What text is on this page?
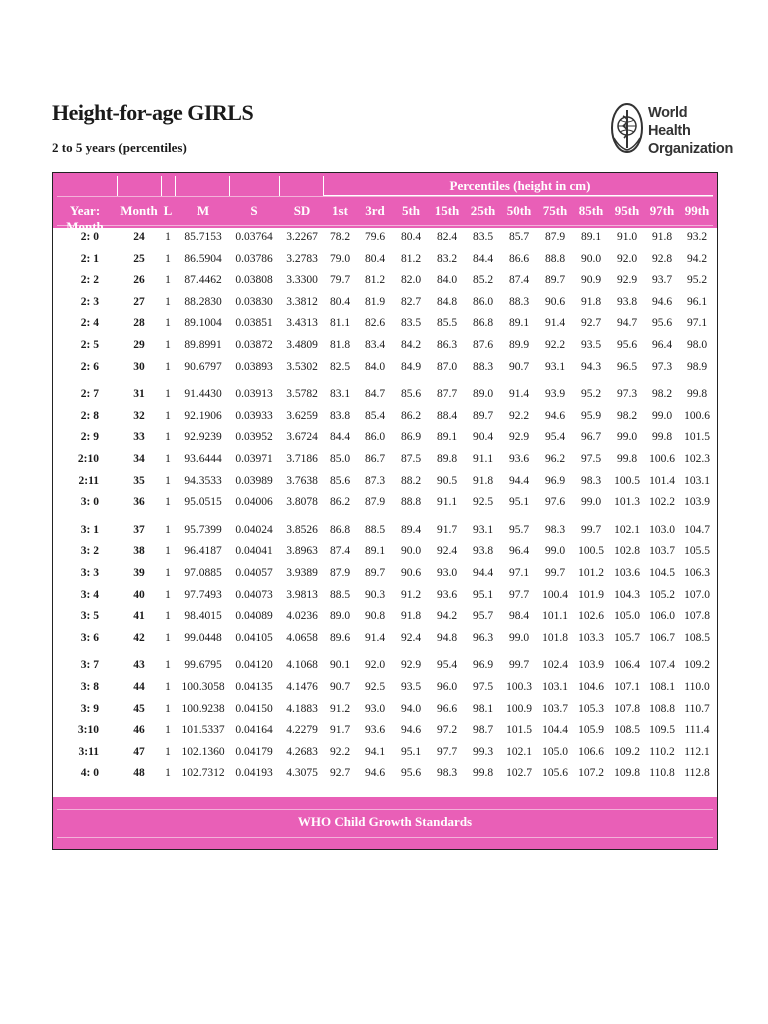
Height-for-age GIRLS
2 to 5 years (percentiles)
World Health
Organization
Percentiles (height in cm)
Year: Month
Month L	M	S	SD	1st	3rd	5th	15th 25th 50th 75th 85th 95th 97th 99th
2: 0	24	1	85.7153	0.03764	3.2267	78.2	79.6	80.4	82.4	83.5	85.7	87.9	89.1	91.0	91.8	93.2
2: 1	25	1	86.5904	0.03786	3.2783	79.0	80.4	81.2	83.2	84.4	86.6	88.8	90.0	92.0	92.8	94.2
2: 2	26	1	87.4462	0.03808	3.3300	79.7	81.2	82.0	84.0	85.2	87.4	89.7	90.9	92.9	93.7	95.2
2: 3	27	1	88.2830	0.03830	3.3812	80.4	81.9	82.7	84.8	86.0	88.3	90.6	91.8	93.8	94.6	96.1
2: 4	28	1	89.1004	0.03851	3.4313	81.1	82.6	83.5	85.5	86.8	89.1	91.4	92.7	94.7	95.6	97.1
2: 5	29	1	89.8991	0.03872	3.4809	81.8	83.4	84.2	86.3	87.6	89.9	92.2	93.5	95.6	96.4	98.0
2: 6	30	1	90.6797	0.03893	3.5302	82.5	84.0	84.9	87.0	88.3	90.7	93.1	94.3	96.5	97.3	98.9
2: 7	31	1	91.4430	0.03913	3.5782	83.1	84.7	85.6	87.7	89.0	91.4	93.9	95.2	97.3	98.2	99.8
2: 8	32	1	92.1906	0.03933	3.6259	83.8	85.4	86.2	88.4	89.7	92.2	94.6	95.9	98.2	99.0	100.6
2: 9	33	1	92.9239	0.03952	3.6724	84.4	86.0	86.9	89.1	90.4	92.9	95.4	96.7	99.0	99.8	101.5
2:10	34	1	93.6444	0.03971	3.7186	85.0	86.7	87.5	89.8	91.1	93.6	96.2	97.5	99.8	100.6 102.3
2:11	35	1	94.3533	0.03989	3.7638	85.6	87.3	88.2	90.5	91.8	94.4	96.9	98.3	100.5 101.4 103.1
3: 0	36	1	95.0515	0.04006	3.8078	86.2	87.9	88.8	91.1	92.5	95.1	97.6	99.0	101.3 102.2 103.9
3: 1	37	1	95.7399	0.04024	3.8526	86.8	88.5	89.4	91.7	93.1	95.7	98.3	99.7	102.1 103.0 104.7
3: 2	38	1	96.4187	0.04041	3.8963	87.4	89.1	90.0	92.4	93.8	96.4	99.0	100.5 102.8 103.7 105.5
3: 3	39	1	97.0885	0.04057	3.9389	87.9	89.7	90.6	93.0	94.4	97.1	99.7	101.2 103.6 104.5 106.3
3: 4	40	1	97.7493	0.04073	3.9813	88.5	90.3	91.2	93.6	95.1	97.7	100.4 101.9 104.3 105.2 107.0
3: 5	41	1	98.4015	0.04089	4.0236	89.0	90.8	91.8	94.2	95.7	98.4	101.1 102.6 105.0 106.0 107.8
3: 6	42	1	99.0448	0.04105	4.0658	89.6	91.4	92.4	94.8	96.3	99.0	101.8 103.3 105.7 106.7 108.5
3: 7	43	1	99.6795	0.04120	4.1068	90.1	92.0	92.9	95.4	96.9	99.7	102.4 103.9 106.4 107.4 109.2
3: 8	44	1 100.3058 0.04135	4.1476	90.7	92.5	93.5	96.0	97.5	100.3 103.1 104.6 107.1 108.1 110.0
3: 9	45	1 100.9238 0.04150	4.1883	91.2	93.0	94.0	96.6	98.1	100.9 103.7 105.3 107.8 108.8 110.7
3:10	46	1 101.5337 0.04164	4.2279	91.7	93.6	94.6	97.2	98.7	101.5 104.4 105.9 108.5 109.5 111.4
3:11	47	1 102.1360 0.04179	4.2683	92.2	94.1	95.1	97.7	99.3	102.1 105.0 106.6 109.2 110.2 112.1
4: 0	48	1 102.7312 0.04193	4.3075	92.7	94.6	95.6	98.3	99.8	102.7 105.6 107.2 109.8 110.8 112.8
WHO Child Growth Standards
